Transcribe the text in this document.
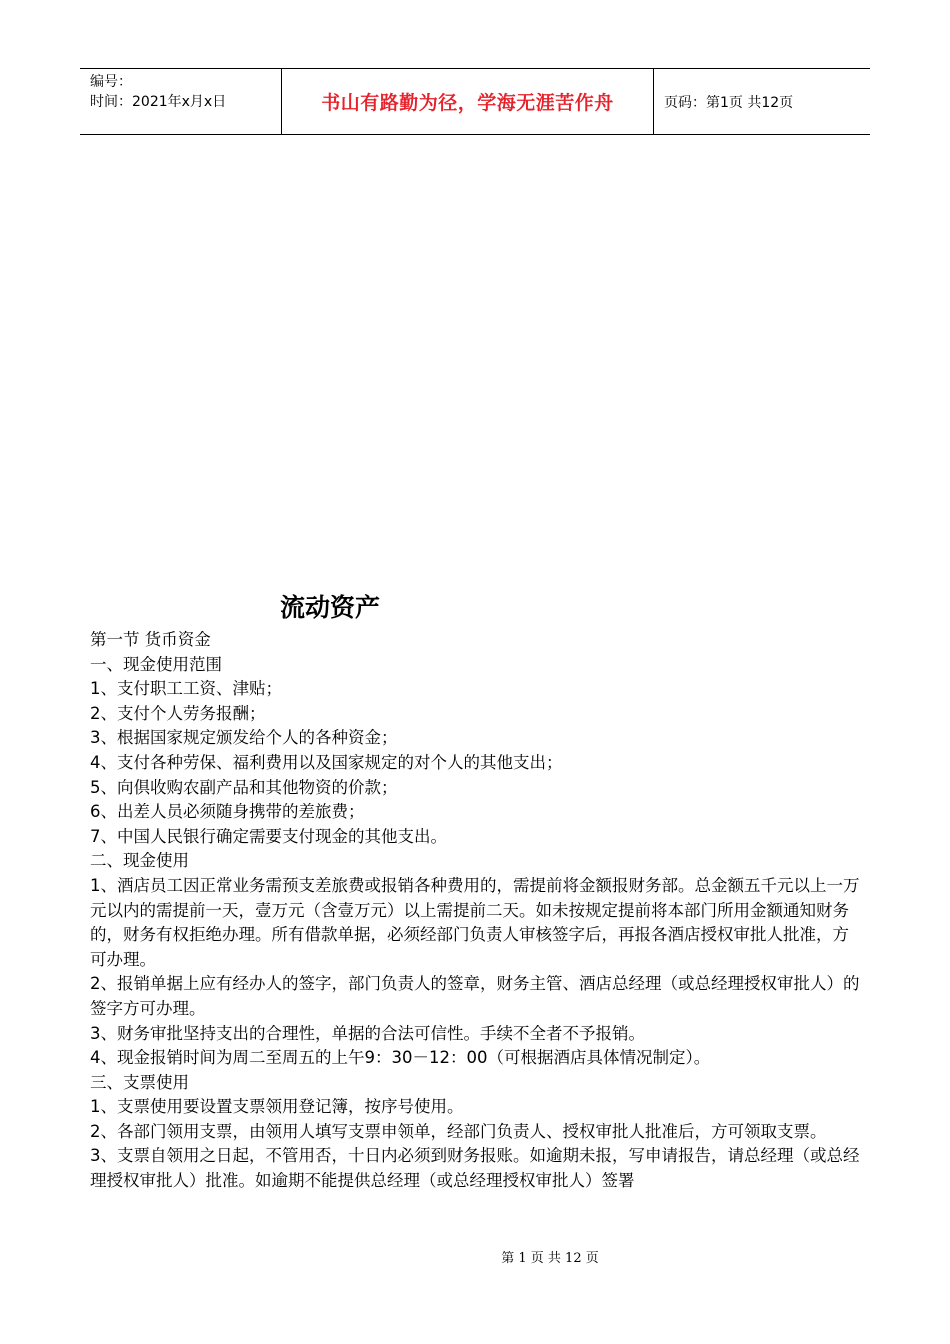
编号：
时间：2021年x月x日	书山有路勤为径，学海无涯苦作舟	页码：第1页 共12页
流动资产

第一节 货币资金

一、现金使用范围

1、支付职工工资、津贴；

2、支付个人劳务报酬；

3、根据国家规定颁发给个人的各种资金；

4、支付各种劳保、福利费用以及国家规定的对个人的其他支出；

5、向倶收购农副产品和其他物资的价款；

6、出差人员必须随身携带的差旅费；

7、中国人民银行确定需要支付现金的其他支出。

二、现金使用

1、酒店员工因正常业务需预支差旅费或报销各种费用的，需提前将金额报财务部。总金额五千元以上一万元以内的需提前一天，壹万元（含壹万元）以上需提前二天。如未按规定提前将本部门所用金额通知财务的，财务有权拒绝办理。所有借款单据，必须经部门负责人审核签字后，再报各酒店授权审批人批准，方可办理。

2、报销单据上应有经办人的签字，部门负责人的签章，财务主管、酒店总经理（或总经理授权审批人）的签字方可办理。

3、财务审批坚持支出的合理性，单据的合法可信性。手续不全者不予报销。

4、现金报销时间为周二至周五的上午9：30－12：00（可根据酒店具体情况制定）。

三、支票使用

1、支票使用要设置支票领用登记簿，按序号使用。

2、各部门领用支票，由领用人填写支票申领单，经部门负责人、授权审批人批准后，方可领取支票。

3、支票自领用之日起，不管用否，十日内必须到财务报账。如逾期未报，写申请报告，请总经理（或总经理授权审批人）批准。如逾期不能提供总经理（或总经理授权审批人）签署

第 1 页 共 12 页
